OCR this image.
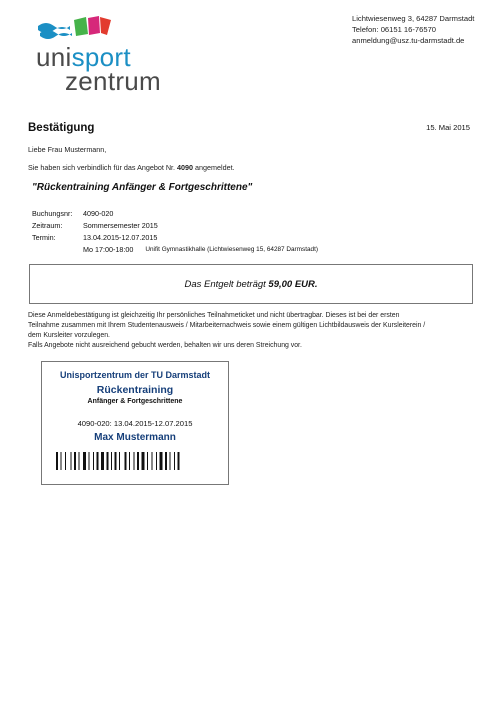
unisport
zentrum
Lichtwiesenweg 3, 64287 Darmstadt
Telefon: 06151 16-76570
anmeldung@usz.tu-darmstadt.de
Bestätigung	15. Mai 2015
Liebe Frau Mustermann,
Sie haben sich verbindlich für das Angebot Nr. 4090 angemeldet.
"Rückentraining Anfänger & Fortgeschrittene"
Buchungsnr:	4090-020
Zeitraum:	Sommersemester 2015
Termin:	13.04.2015-12.07.2015
Mo 17:00-18:00 Unifit Gymnastikhalle (Lichtwiesenweg 15, 64287 Darmstadt)
Das Entgelt beträgt 59,00 EUR.
Diese Anmeldebestätigung ist gleichzeitig Ihr persönliches Teilnahmeticket und nicht übertragbar. Dieses ist bei der ersten
Teilnahme zusammen mit Ihrem Studentenausweis / Mitarbeiternachweis sowie einem gültigen Lichtbildausweis der Kursleiterein /
dem Kursleiter vorzulegen.
Falls Angebote nicht ausreichend gebucht werden, behalten wir uns deren Streichung vor.
Unisportzentrum der TU Darmstadt
Rückentraining
Anfänger & Fortgeschrittene
4090-020: 13.04.2015-12.07.2015
Max Mustermann
